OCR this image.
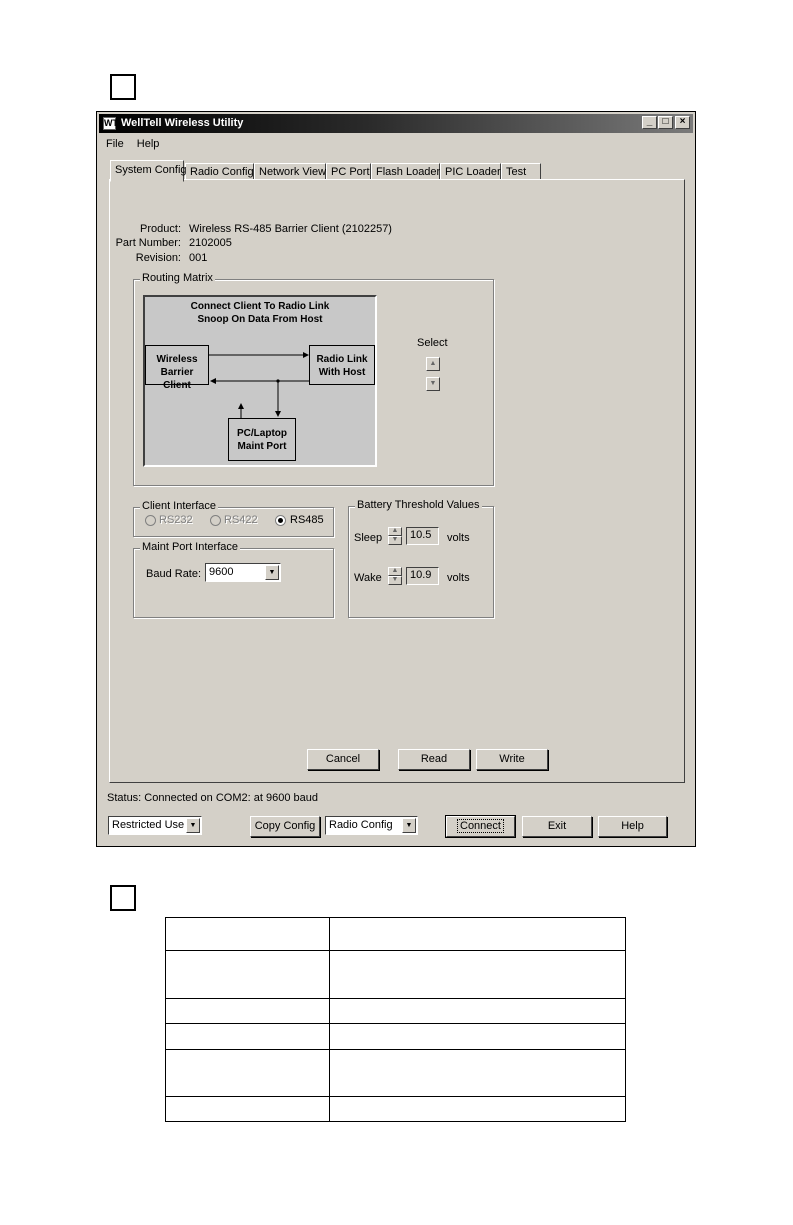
WT WellTell Wireless Utility	_	□	×
File Help
System Config Radio Config Network View PC Port Flash Loader PIC Loader Test
Product: Wireless RS-485 Barrier Client (2102257)
Part Number: 2102005
Revision: 001
Routing Matrix
Connect Client To Radio Link
Snoop On Data From Host
Wireless
Barrier Client
Radio Link
With Host
PC/Laptop
Maint Port
Select
▲
▼
Client Interface
RS232	RS422	RS485
Maint Port Interface
Baud Rate: 9600	▼
Battery Threshold Values
Sleep
▲
▼	10.5	volts
Wake
▲
▼	10.9	volts
Cancel	Read	Write
Status: Connected on COM2: at 9600 baud
Restricted Use ▼	Copy Config	Radio Config	▼	Connect	Exit	Help
